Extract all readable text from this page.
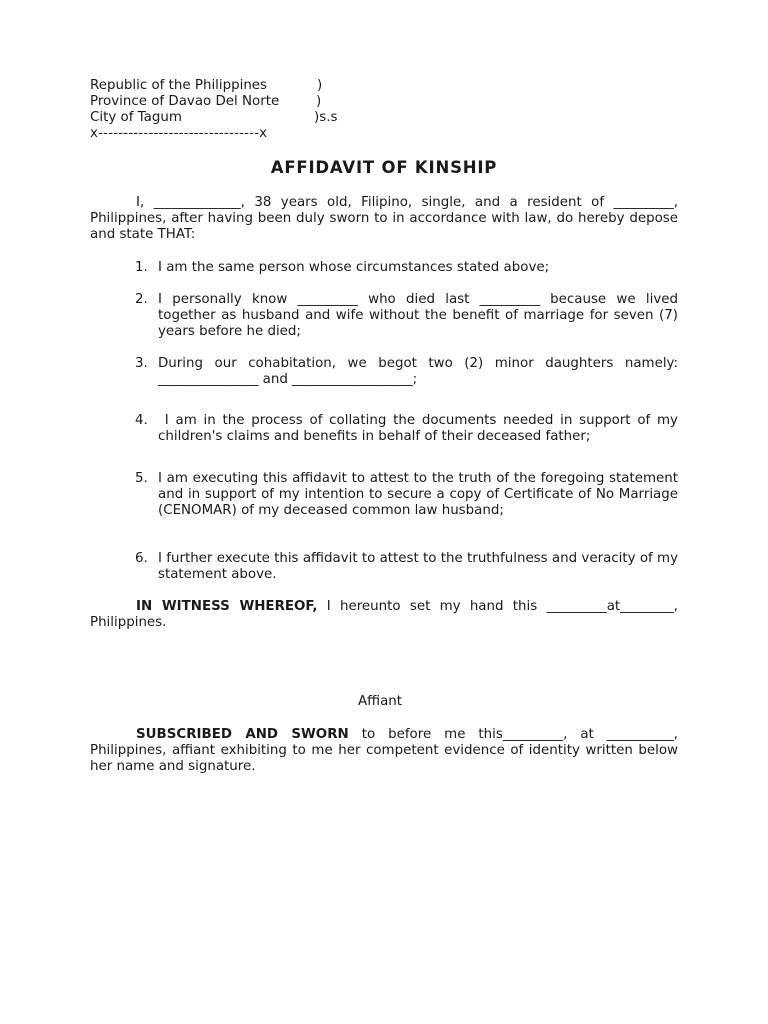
Republic of the Philippines	)
Province of Davao Del Norte	)
City of Tagum	)s.s
x--------------------------------x
AFFIDAVIT OF KINSHIP

I, _____________, 38 years old, Filipino, single, and a resident of _________, Philippines, after having been duly sworn to in accordance with law, do hereby depose and state THAT:

1. I am the same person whose circumstances stated above;

2. I personally know _________ who died last _________ because we lived together as husband and wife without the benefit of marriage for seven (7) years before he died;

3. During our cohabitation, we begot two (2) minor daughters namely: _______________ and __________________;

4. I am in the process of collating the documents needed in support of my children's claims and benefits in behalf of their deceased father;

5. I am executing this affidavit to attest to the truth of the foregoing statement and in support of my intention to secure a copy of Certificate of No Marriage (CENOMAR) of my deceased common law husband;

6. I further execute this affidavit to attest to the truthfulness and veracity of my statement above.

IN WITNESS WHEREOF, I hereunto set my hand this _________at________, Philippines.

Affiant

SUBSCRIBED AND SWORN to before me this_________, at __________, Philippines, affiant exhibiting to me her competent evidence of identity written below her name and signature.
